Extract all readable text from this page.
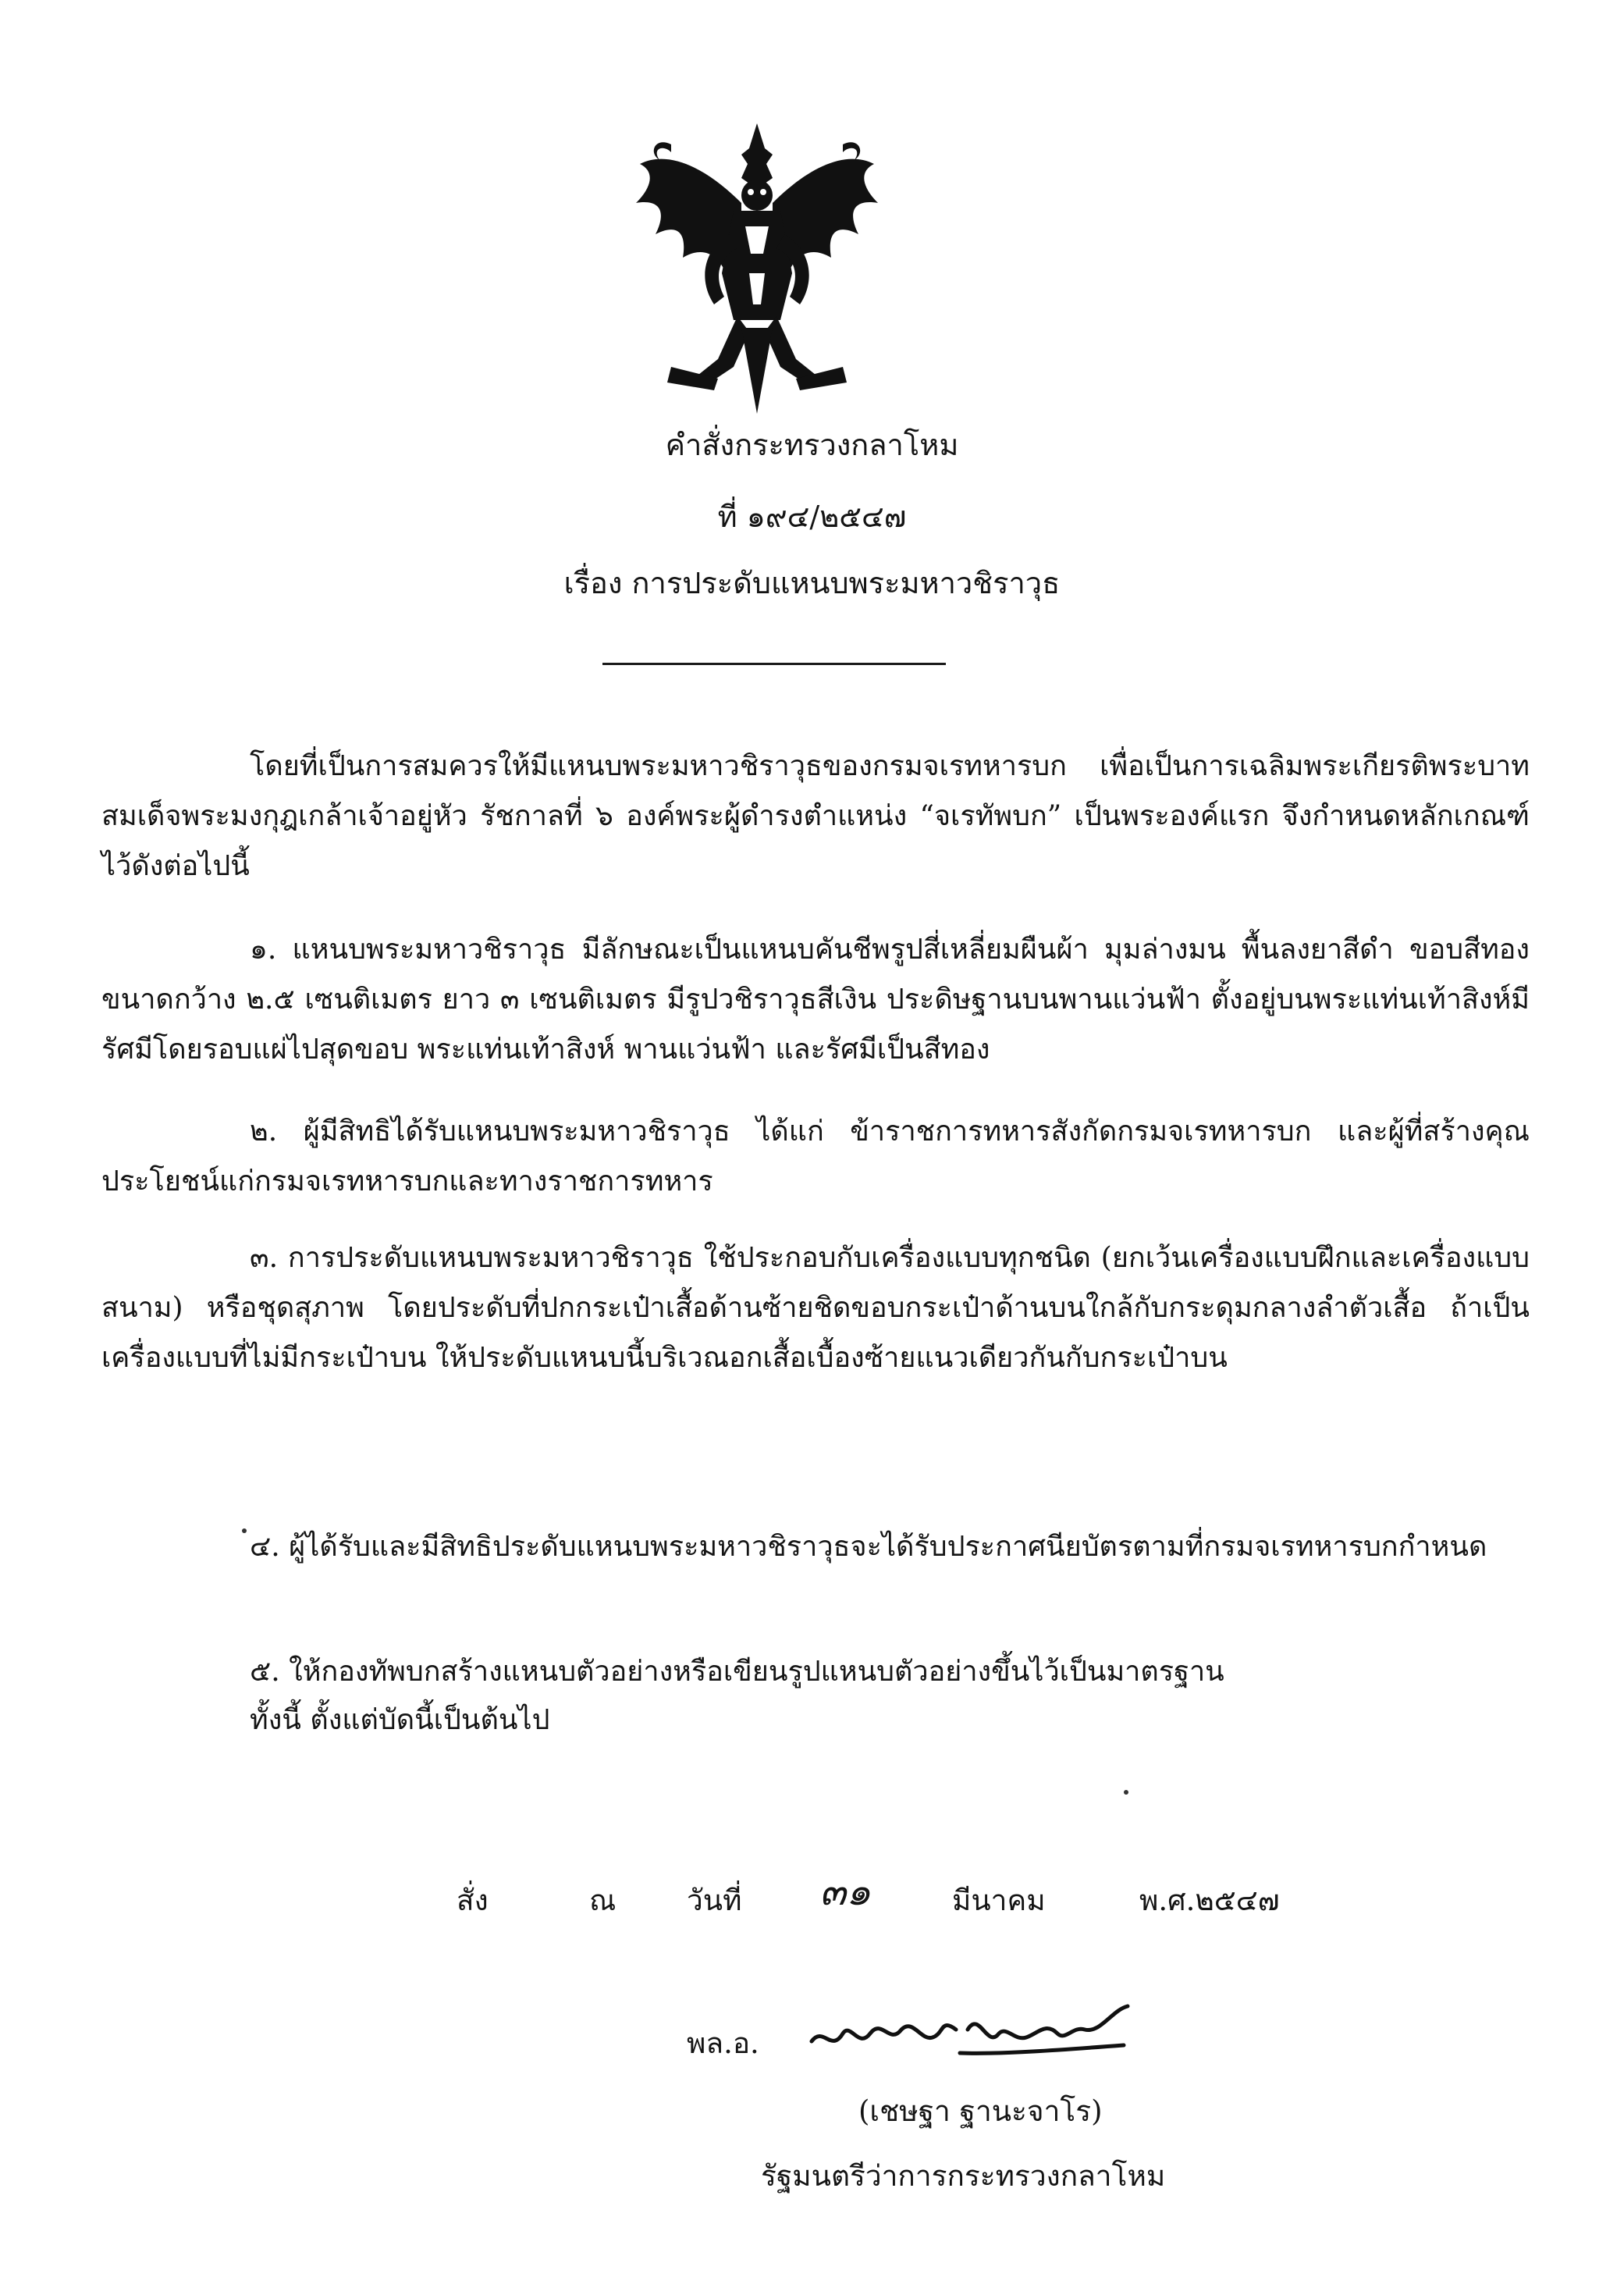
คำสั่งกระทรวงกลาโหม
ที่ ๑๙๔/๒๕๔๗
เรื่อง การประดับแหนบพระมหาวชิราวุธ
โดยที่เป็นการสมควรให้มีแหนบพระมหาวชิราวุธของกรมจเรทหารบก เพื่อเป็นการเฉลิมพระเกียรติพระบาทสมเด็จพระมงกุฎเกล้าเจ้าอยู่หัว รัชกาลที่ ๖ องค์พระผู้ดำรงตำแหน่ง “จเรทัพบก” เป็นพระองค์แรก จึงกำหนดหลักเกณฑ์ไว้ดังต่อไปนี้
๑. แหนบพระมหาวชิราวุธ มีลักษณะเป็นแหนบคันชีพรูปสี่เหลี่ยมผืนผ้า มุมล่างมน พื้นลงยาสีดำ ขอบสีทอง ขนาดกว้าง ๒.๕ เซนติเมตร ยาว ๓ เซนติเมตร มีรูปวชิราวุธสีเงิน ประดิษฐานบนพานแว่นฟ้า ตั้งอยู่บนพระแท่นเท้าสิงห์มีรัศมีโดยรอบแผ่ไปสุดขอบ พระแท่นเท้าสิงห์ พานแว่นฟ้า และรัศมีเป็นสีทอง
๒. ผู้มีสิทธิได้รับแหนบพระมหาวชิราวุธ ได้แก่ ข้าราชการทหารสังกัดกรมจเรทหารบก และผู้ที่สร้างคุณประโยชน์แก่กรมจเรทหารบกและทางราชการทหาร
๓. การประดับแหนบพระมหาวชิราวุธ ใช้ประกอบกับเครื่องแบบทุกชนิด (ยกเว้นเครื่องแบบฝึกและเครื่องแบบสนาม) หรือชุดสุภาพ โดยประดับที่ปกกระเป๋าเสื้อด้านซ้ายชิดขอบกระเป๋าด้านบนใกล้กับกระดุมกลางลำตัวเสื้อ ถ้าเป็นเครื่องแบบที่ไม่มีกระเป๋าบน ให้ประดับแหนบนี้บริเวณอกเสื้อเบื้องซ้ายแนวเดียวกันกับกระเป๋าบน
๔. ผู้ได้รับและมีสิทธิประดับแหนบพระมหาวชิราวุธจะได้รับประกาศนียบัตรตามที่กรมจเรทหารบกกำหนด
๕. ให้กองทัพบกสร้างแหนบตัวอย่างหรือเขียนรูปแหนบตัวอย่างขึ้นไว้เป็นมาตรฐาน
ทั้งนี้ ตั้งแต่บัดนี้เป็นต้นไป
สั่ง	ณ วันที่ ๓๑	มีนาคม	พ.ศ.๒๕๔๗
พล.อ.
(เชษฐา ฐานะจาโร)
รัฐมนตรีว่าการกระทรวงกลาโหม
